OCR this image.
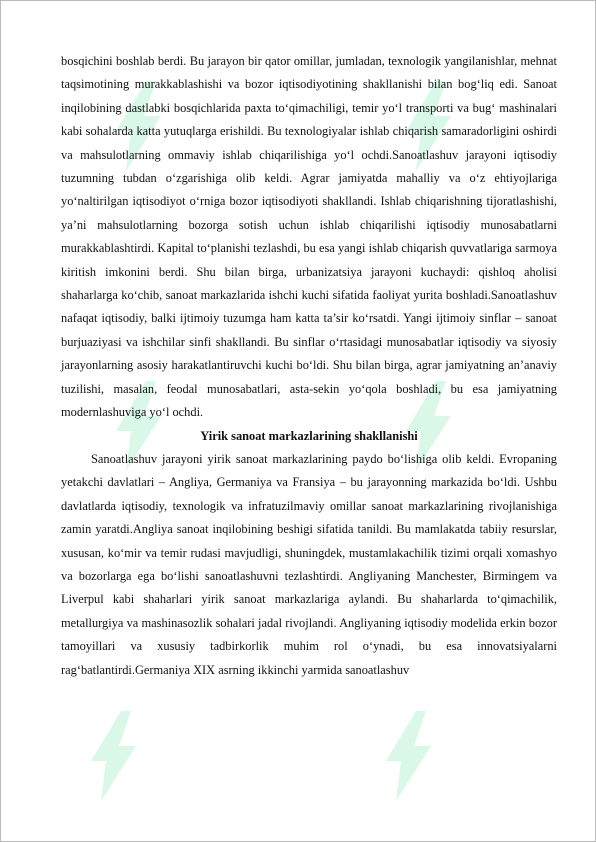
bosqichini boshlab berdi. Bu jarayon bir qator omillar, jumladan, texnologik yangilanishlar, mehnat taqsimotining murakkablashishi va bozor iqtisodiyotining shakllanishi bilan bog‘liq edi. Sanoat inqilobining dastlabki bosqichlarida paxta to‘qimachiligi, temir yo‘l transporti va bug‘ mashinalari kabi sohalarda katta yutuqlarga erishildi. Bu texnologiyalar ishlab chiqarish samaradorligini oshirdi va mahsulotlarning ommaviy ishlab chiqarilishiga yo‘l ochdi.Sanoatlashuv jarayoni iqtisodiy tuzumning tubdan o‘zgarishiga olib keldi. Agrar jamiyatda mahalliy va o‘z ehtiyojlariga yo‘naltirilgan iqtisodiyot o‘rniga bozor iqtisodiyoti shakllandi. Ishlab chiqarishning tijoratlashishi, ya’ni mahsulotlarning bozorga sotish uchun ishlab chiqarilishi iqtisodiy munosabatlarni murakkablashtirdi. Kapital to‘planishi tezlashdi, bu esa yangi ishlab chiqarish quvvatlariga sarmoya kiritish imkonini berdi. Shu bilan birga, urbanizatsiya jarayoni kuchaydi: qishloq aholisi shaharlarga ko‘chib, sanoat markazlarida ishchi kuchi sifatida faoliyat yurita boshladi.Sanoatlashuv nafaqat iqtisodiy, balki ijtimoiy tuzumga ham katta ta’sir ko‘rsatdi. Yangi ijtimoiy sinflar – sanoat burjuaziyasi va ishchilar sinfi shakllandi. Bu sinflar o‘rtasidagi munosabatlar iqtisodiy va siyosiy jarayonlarning asosiy harakatlantiruvchi kuchi bo‘ldi. Shu bilan birga, agrar jamiyatning an’anaviy tuzilishi, masalan, feodal munosabatlari, asta-sekin yo‘qola boshladi, bu esa jamiyatning modernlashuviga yo‘l ochdi.

Yirik sanoat markazlarining shakllanishi

Sanoatlashuv jarayoni yirik sanoat markazlarining paydo bo‘lishiga olib keldi. Evropaning yetakchi davlatlari – Angliya, Germaniya va Fransiya – bu jarayonning markazida bo‘ldi. Ushbu davlatlarda iqtisodiy, texnologik va infratuzilmaviy omillar sanoat markazlarining rivojlanishiga zamin yaratdi.Angliya sanoat inqilobining beshigi sifatida tanildi. Bu mamlakatda tabiiy resurslar, xususan, ko‘mir va temir rudasi mavjudligi, shuningdek, mustamlakachilik tizimi orqali xomashyo va bozorlarga ega bo‘lishi sanoatlashuvni tezlashtirdi. Angliyaning Manchester, Birmingem va Liverpul kabi shaharlari yirik sanoat markazlariga aylandi. Bu shaharlarda to‘qimachilik, metallurgiya va mashinasozlik sohalari jadal rivojlandi. Angliyaning iqtisodiy modelida erkin bozor tamoyillari va xususiy tadbirkorlik muhim rol o‘ynadi, bu esa innovatsiyalarni rag‘batlantirdi.Germaniya XIX asrning ikkinchi yarmida sanoatlashuv
